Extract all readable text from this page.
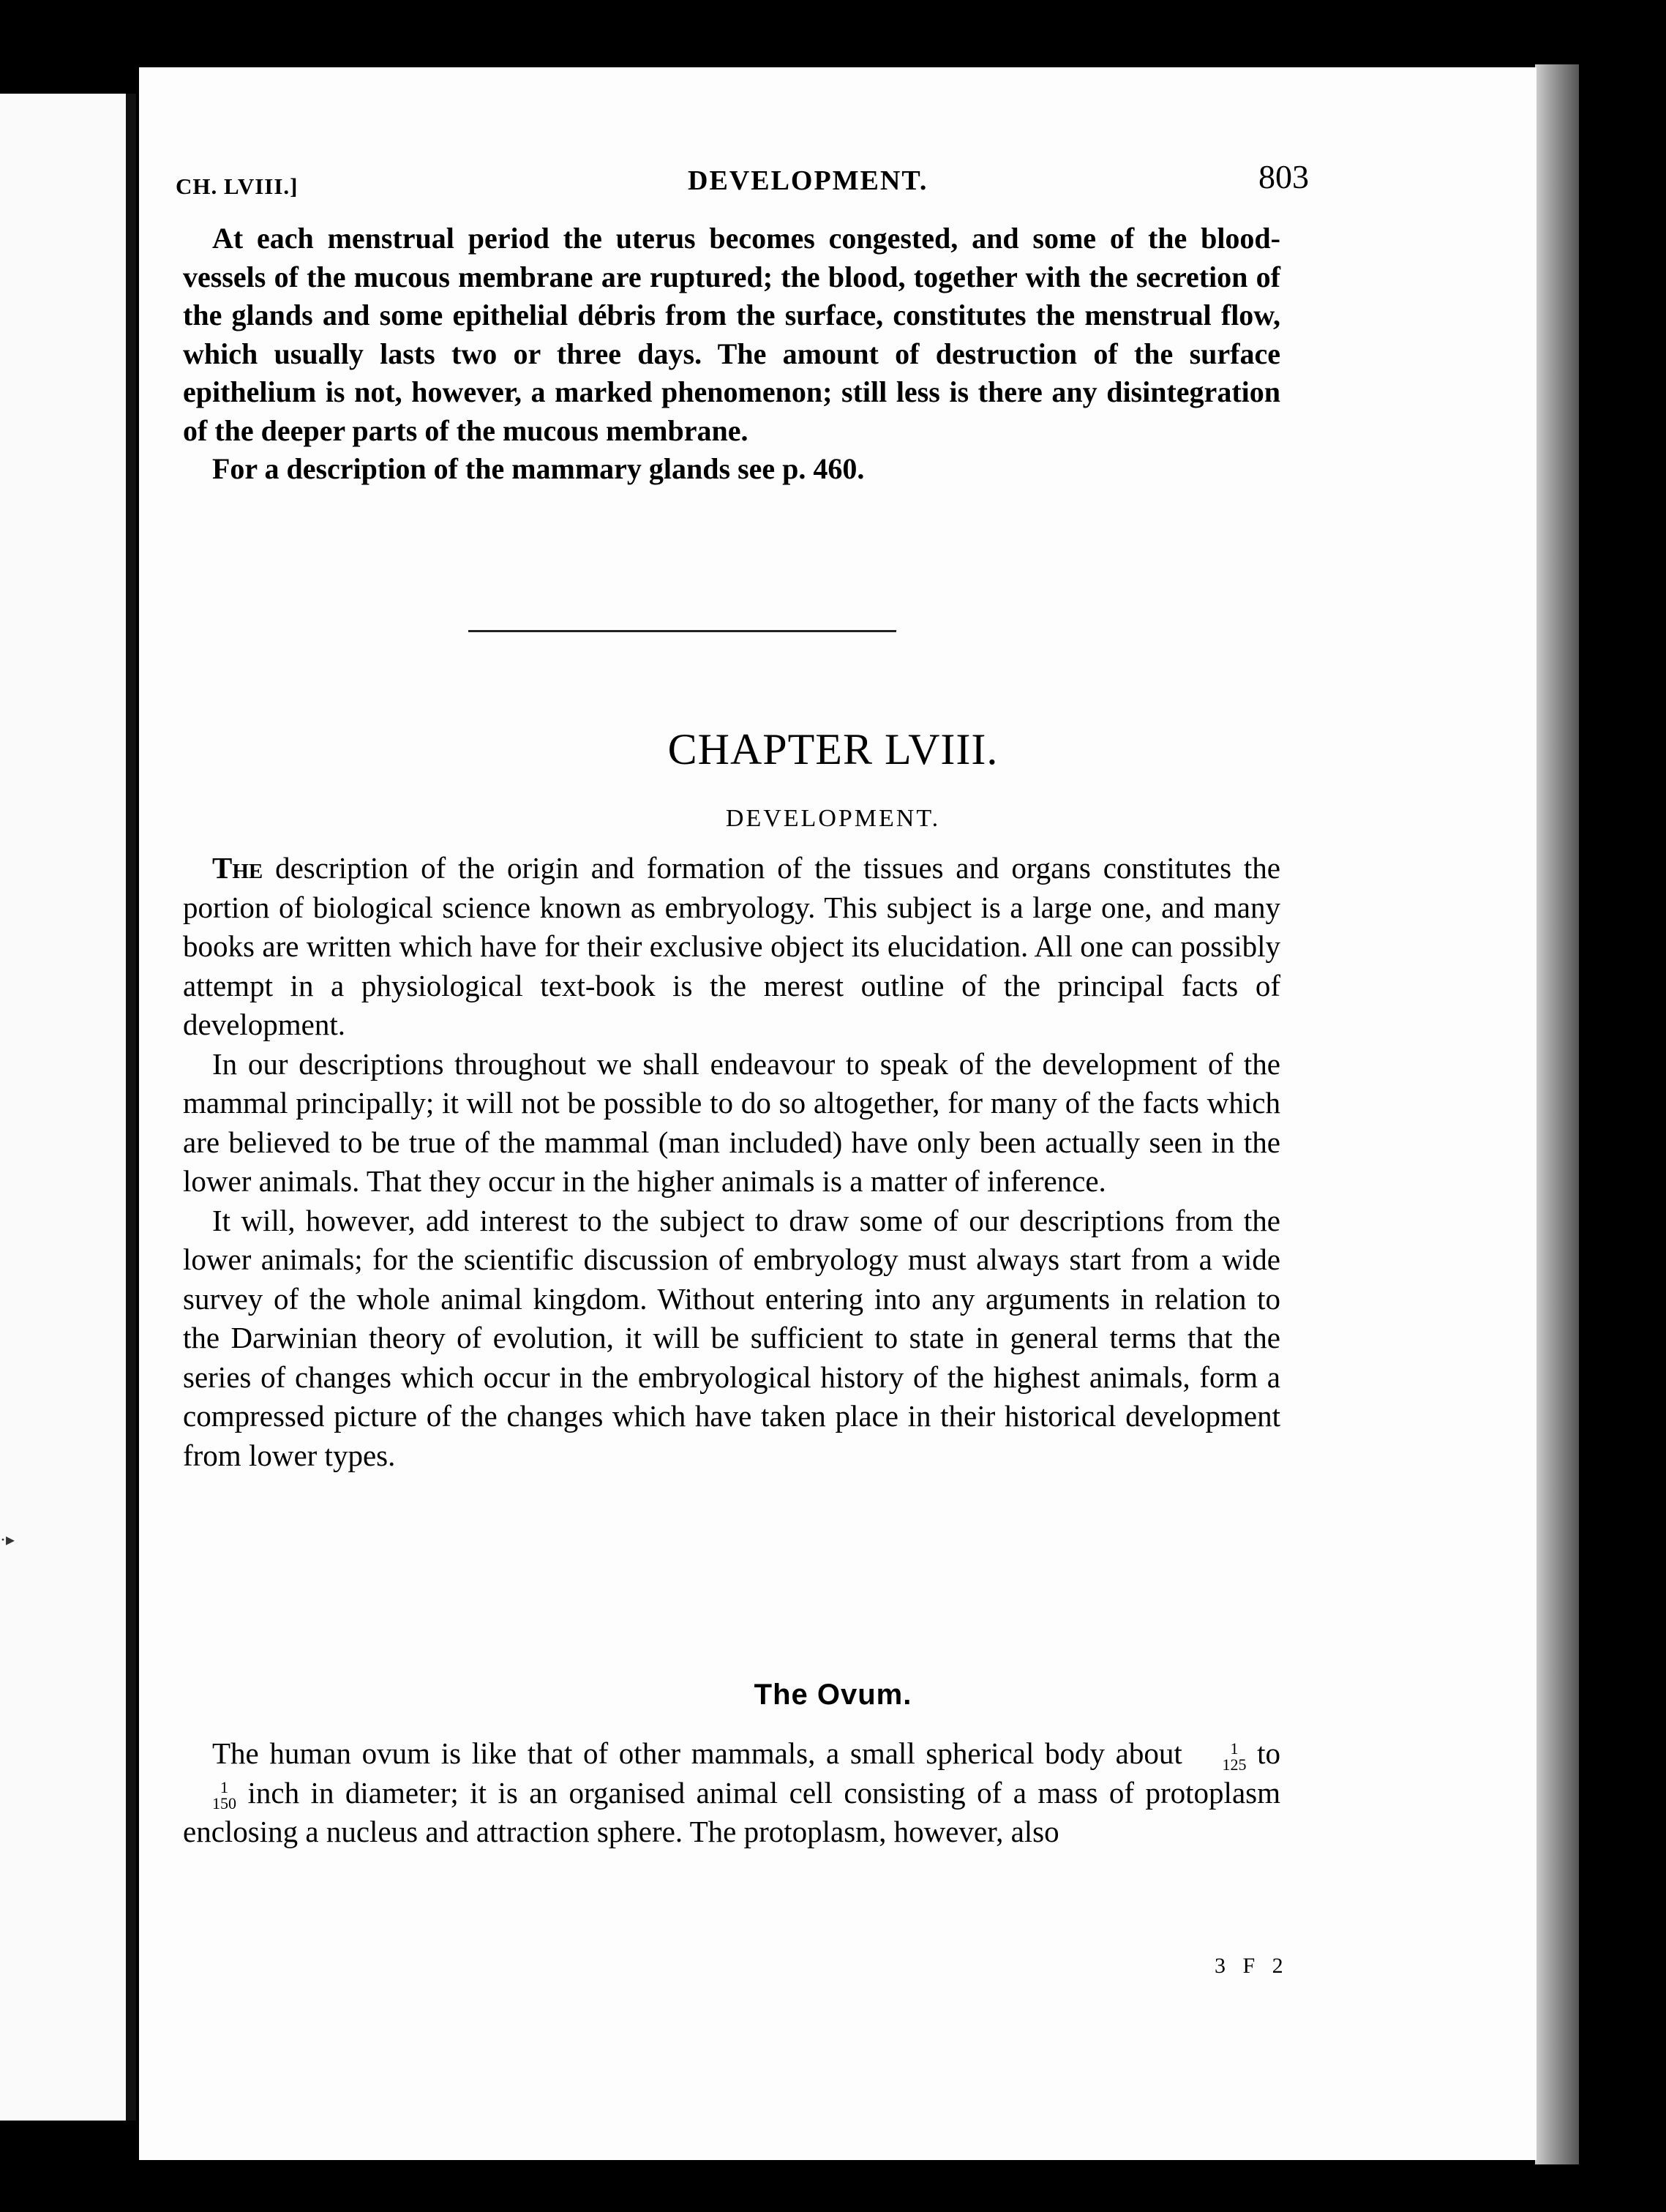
·▸
CH. LVIII.]	DEVELOPMENT.	803

At each menstrual period the uterus becomes congested, and some of the blood-vessels of the mucous membrane are ruptured; the blood, together with the secretion of the glands and some epithelial débris from the surface, constitutes the menstrual flow, which usually lasts two or three days. The amount of destruction of the surface epithelium is not, however, a marked phenomenon; still less is there any disintegration of the deeper parts of the mucous membrane.

For a description of the mammary glands see p. 460.

CHAPTER LVIII.
DEVELOPMENT.

The description of the origin and formation of the tissues and organs constitutes the portion of biological science known as embryology. This subject is a large one, and many books are written which have for their exclusive object its elucidation. All one can possibly attempt in a physiological text-book is the merest outline of the principal facts of development.

In our descriptions throughout we shall endeavour to speak of the development of the mammal principally; it will not be possible to do so altogether, for many of the facts which are believed to be true of the mammal (man included) have only been actually seen in the lower animals. That they occur in the higher animals is a matter of inference.

It will, however, add interest to the subject to draw some of our descriptions from the lower animals; for the scientific discussion of embryology must always start from a wide survey of the whole animal kingdom. Without entering into any arguments in relation to the Darwinian theory of evolution, it will be sufficient to state in general terms that the series of changes which occur in the embryological history of the highest animals, form a compressed picture of the changes which have taken place in their historical development from lower types.

The Ovum.

The human ovum is like that of other mammals, a small spherical body about	1
125 to
1
150 inch in diameter; it is an organised animal cell consisting of a mass of protoplasm enclosing a nucleus and attraction sphere. The protoplasm, however, also

3 F 2
